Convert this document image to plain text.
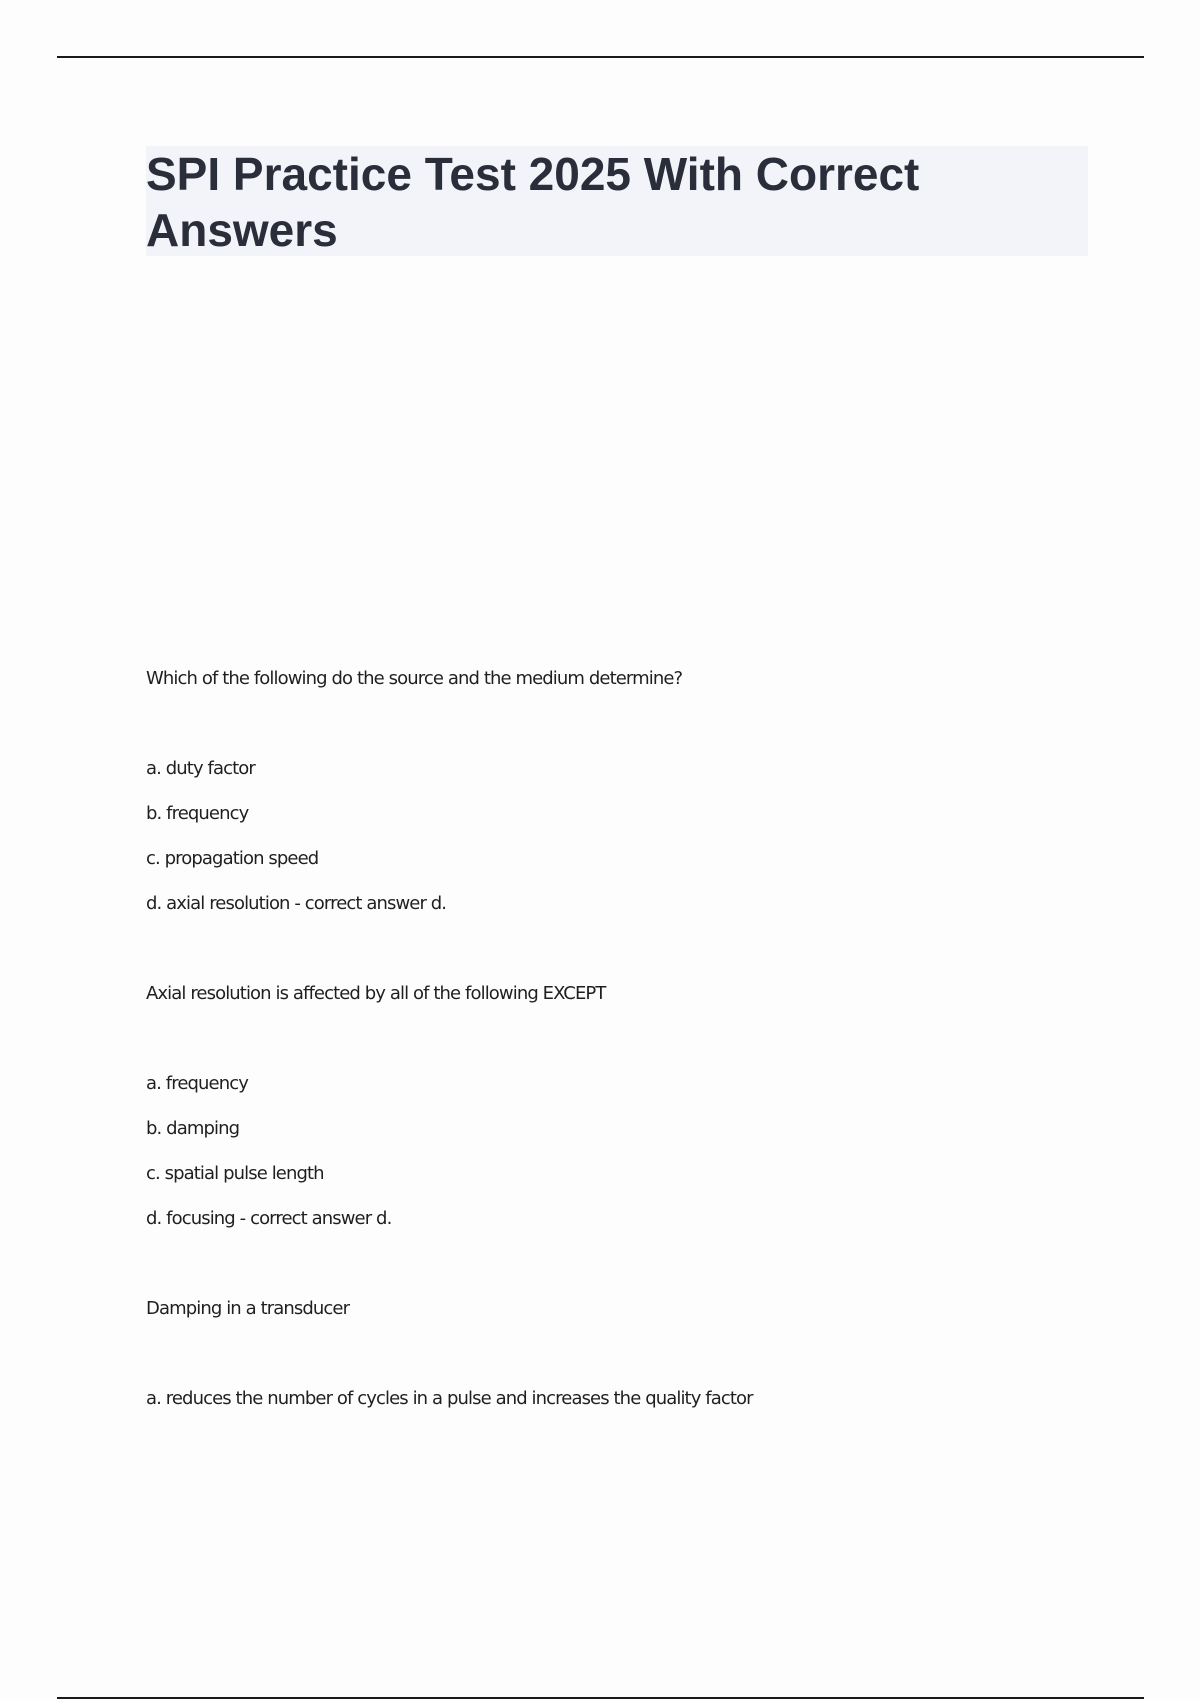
SPI Practice Test 2025 With Correct Answers

Which of the following do the source and the medium determine?

a. duty factor

b. frequency

c. propagation speed

d. axial resolution - correct answer d.

Axial resolution is affected by all of the following EXCEPT

a. frequency

b. damping

c. spatial pulse length

d. focusing - correct answer d.

Damping in a transducer

a. reduces the number of cycles in a pulse and increases the quality factor
